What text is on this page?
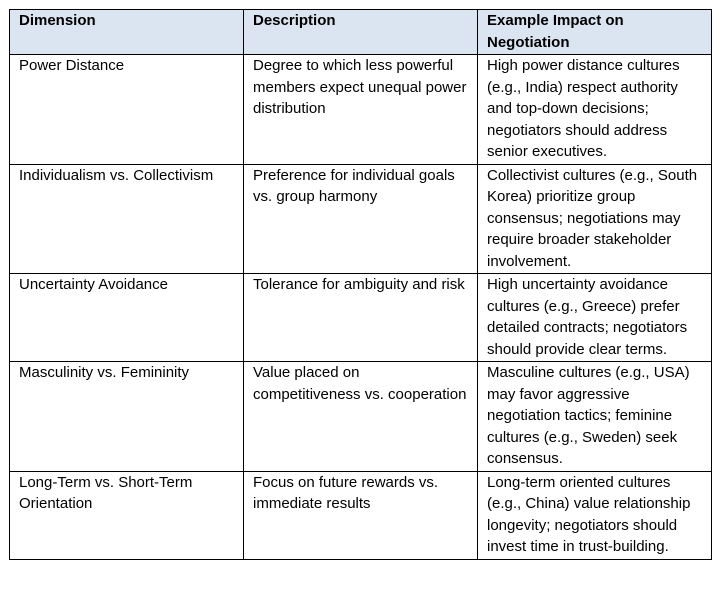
Dimension	Description	Example Impact on Negotiation
Power Distance	Degree to which less powerful members expect unequal power distribution	High power distance cultures (e.g., India) respect authority and top-down decisions; negotiators should address senior executives.
Individualism vs. Collectivism	Preference for individual goals vs. group harmony	Collectivist cultures (e.g., South Korea) prioritize group consensus; negotiations may require broader stakeholder involvement.
Uncertainty Avoidance	Tolerance for ambiguity and risk	High uncertainty avoidance cultures (e.g., Greece) prefer detailed contracts; negotiators should provide clear terms.
Masculinity vs. Femininity	Value placed on competitiveness vs. cooperation	Masculine cultures (e.g., USA) may favor aggressive negotiation tactics; feminine cultures (e.g., Sweden) seek consensus.
Long-Term vs. Short-Term Orientation	Focus on future rewards vs. immediate results	Long-term oriented cultures (e.g., China) value relationship longevity; negotiators should invest time in trust-building.
